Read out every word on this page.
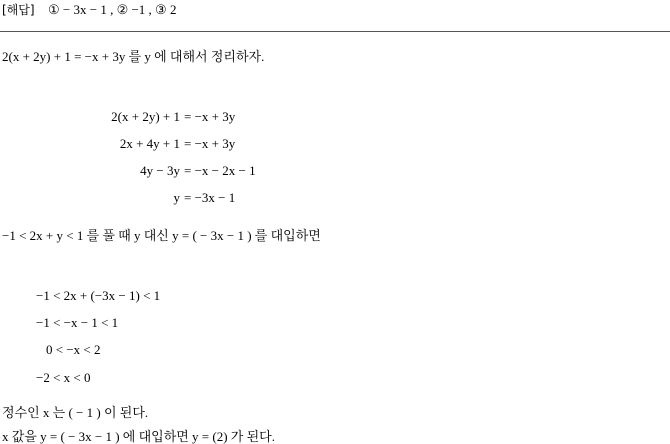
[해답] ① − 3x − 1 , ② −1 , ③ 2
2(x + 2y) + 1 = −x + 3y 를 y 에 대해서 정리하자.
2(x + 2y) + 1 = −x + 3y
2x + 4y + 1 = −x + 3y
4y − 3y = −x − 2x − 1
y = −3x − 1
−1 < 2x + y < 1 를 풀 때 y 대신 y = ( − 3x − 1 ) 를 대입하면
−1 < 2x + (−3x − 1) < 1
−1 < −x − 1 < 1
0 < −x < 2
−2 < x < 0
정수인 x 는 ( − 1 ) 이 된다.
x 값을 y = ( − 3x − 1 ) 에 대입하면 y = (2) 가 된다.
